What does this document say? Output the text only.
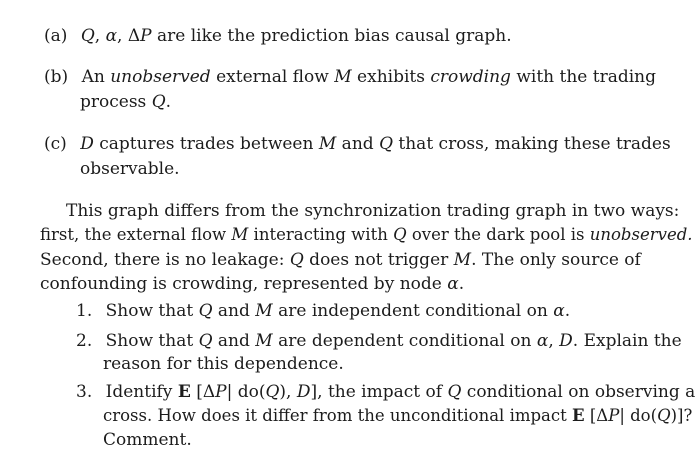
(a) Q, α, ΔP are like the prediction bias causal graph.
(b) An unobserved external flow M exhibits crowding with the trading
process Q.
(c) D captures trades between M and Q that cross, making these trades
observable.
This graph differs from the synchronization trading graph in two ways:
first, the external flow M interacting with Q over the dark pool is unobserved.
Second, there is no leakage: Q does not trigger M. The only source of
confounding is crowding, represented by node α.
1. Show that Q and M are independent conditional on α.
2. Show that Q and M are dependent conditional on α, D. Explain the
reason for this dependence.
3. Identify E [ΔP| do(Q), D], the impact of Q conditional on observing a
cross. How does it differ from the unconditional impact E [ΔP| do(Q)]?
Comment.
